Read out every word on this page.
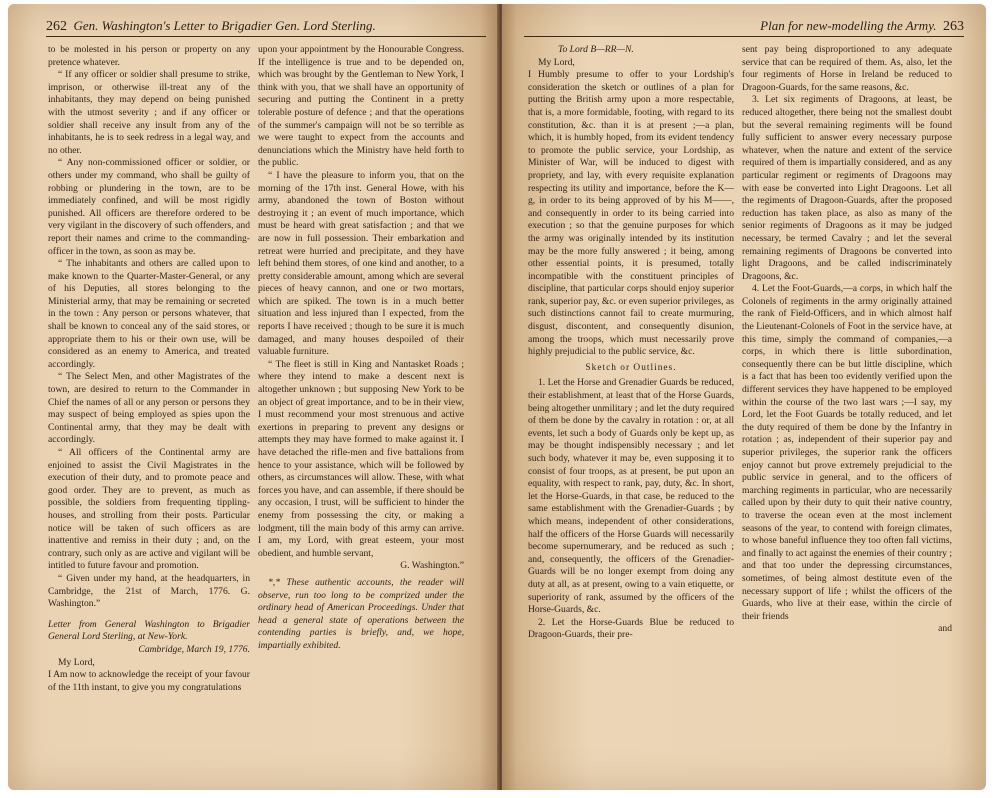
262 Gen. Washington's Letter to Brigadier Gen. Lord Sterling.

to be molested in his person or property on any pretence whatever.

“ If any officer or soldier shall presume to strike, imprison, or otherwise ill-treat any of the inhabitants, they may depend on being punished with the utmost severity ; and if any officer or soldier shall receive any insult from any of the inhabitants, he is to seek redress in a legal way, and no other.

“ Any non-commissioned officer or soldier, or others under my command, who shall be guilty of robbing or plundering in the town, are to be immediately confined, and will be most rigidly punished. All officers are therefore ordered to be very vigilant in the discovery of such offenders, and report their names and crime to the commanding-officer in the town, as soon as may be.

“ The inhabitants and others are called upon to make known to the Quarter-Master-General, or any of his Deputies, all stores belonging to the Ministerial army, that may be remaining or secreted in the town : Any person or persons whatever, that shall be known to conceal any of the said stores, or appropriate them to his or their own use, will be considered as an enemy to America, and treated accordingly.

“ The Select Men, and other Magistrates of the town, are desired to return to the Commander in Chief the names of all or any person or persons they may suspect of being employed as spies upon the Continental army, that they may be dealt with accordingly.

“ All officers of the Continental army are enjoined to assist the Civil Magistrates in the execution of their duty, and to promote peace and good order. They are to prevent, as much as possible, the soldiers from frequenting tippling-houses, and strolling from their posts. Particular notice will be taken of such officers as are inattentive and remiss in their duty ; and, on the contrary, such only as are active and vigilant will be intitled to future favour and promotion.

“ Given under my hand, at the headquarters, in Cambridge, the 21st of March, 1776. G. Washington.”

Letter from General Washington to Brigadier General Lord Sterling, at New-York.

Cambridge, March 19, 1776.

My Lord,

I Am now to acknowledge the receipt of your favour of the 11th instant, to give you my congratulations

upon your appointment by the Honourable Congress. If the intelligence is true and to be depended on, which was brought by the Gentleman to New York, I think with you, that we shall have an opportunity of securing and putting the Continent in a pretty tolerable posture of defence ; and that the operations of the summer's campaign will not be so terrible as we were taught to expect from the accounts and denunciations which the Ministry have held forth to the public.

“ I have the pleasure to inform you, that on the morning of the 17th inst. General Howe, with his army, abandoned the town of Boston without destroying it ; an event of much importance, which must be heard with great satisfaction ; and that we are now in full possession. Their embarkation and retreat were hurried and precipitate, and they have left behind them stores, of one kind and another, to a pretty considerable amount, among which are several pieces of heavy cannon, and one or two mortars, which are spiked. The town is in a much better situation and less injured than I expected, from the reports I have received ; though to be sure it is much damaged, and many houses despoiled of their valuable furniture.

“ The fleet is still in King and Nantasket Roads ; where they intend to make a descent next is altogether unknown ; but supposing New York to be an object of great importance, and to be in their view, I must recommend your most strenuous and active exertions in preparing to prevent any designs or attempts they may have formed to make against it. I have detached the rifle-men and five battalions from hence to your assistance, which will be followed by others, as circumstances will allow. These, with what forces you have, and can assemble, if there should be any occasion, I trust, will be sufficient to hinder the enemy from possessing the city, or making a lodgment, till the main body of this army can arrive. I am, my Lord, with great esteem, your most obedient, and humble servant,

G. Washington.”

*,* These authentic accounts, the reader will observe, run too long to be comprized under the ordinary head of American Proceedings. Under that head a general state of operations between the contending parties is briefly, and, we hope, impartially exhibited.

Plan for new-modelling the Army. 263

To Lord B—RR—N.

My Lord,

I Humbly presume to offer to your Lordship's consideration the sketch or outlines of a plan for putting the British army upon a more respectable, that is, a more formidable, footing, with regard to its constitution, &c. than it is at present ;—a plan, which, it is humbly hoped, from its evident tendency to promote the public service, your Lordship, as Minister of War, will be induced to digest with propriety, and lay, with every requisite explanation respecting its utility and importance, before the K—g, in order to its being approved of by his M——, and consequently in order to its being carried into execution ; so that the genuine purposes for which the army was originally intended by its institution may be the more fully answered ; it being, among other essential points, it is presumed, totally incompatible with the constituent principles of discipline, that particular corps should enjoy superior rank, superior pay, &c. or even superior privileges, as such distinctions cannot fail to create murmuring, disgust, discontent, and consequently disunion, among the troops, which must necessarily prove highly prejudicial to the public service, &c.

Sketch or Outlines.

1. Let the Horse and Grenadier Guards be reduced, their establishment, at least that of the Horse Guards, being altogether unmilitary ; and let the duty required of them be done by the cavalry in rotation : or, at all events, let such a body of Guards only be kept up, as may be thought indispensibly necessary ; and let such body, whatever it may be, even supposing it to consist of four troops, as at present, be put upon an equality, with respect to rank, pay, duty, &c. In short, let the Horse-Guards, in that case, be reduced to the same establishment with the Grenadier-Guards ; by which means, independent of other considerations, half the officers of the Horse Guards will necessarily become supernumerary, and be reduced as such ; and, consequently, the officers of the Grenadier-Guards will be no longer exempt from doing any duty at all, as at present, owing to a vain etiquette, or superiority of rank, assumed by the officers of the Horse-Guards, &c.

2. Let the Horse-Guards Blue be reduced to Dragoon-Guards, their pre-

sent pay being disproportioned to any adequate service that can be required of them. As, also, let the four regiments of Horse in Ireland be reduced to Dragoon-Guards, for the same reasons, &c.

3. Let six regiments of Dragoons, at least, be reduced altogether, there being not the smallest doubt but the several remaining regiments will be found fully sufficient to answer every necessary purpose whatever, when the nature and extent of the service required of them is impartially considered, and as any particular regiment or regiments of Dragoons may with ease be converted into Light Dragoons. Let all the regiments of Dragoon-Guards, after the proposed reduction has taken place, as also as many of the senior regiments of Dragoons as it may be judged necessary, be termed Cavalry ; and let the several remaining regiments of Dragoons be converted into light Dragoons, and be called indiscriminately Dragoons, &c.

4. Let the Foot-Guards,—a corps, in which half the Colonels of regiments in the army originally attained the rank of Field-Officers, and in which almost half the Lieutenant-Colonels of Foot in the service have, at this time, simply the command of companies,—a corps, in which there is little subordination, consequently there can be but little discipline, which is a fact that has been too evidently verified upon the different services they have happened to be employed within the course of the two last wars ;—I say, my Lord, let the Foot Guards be totally reduced, and let the duty required of them be done by the Infantry in rotation ; as, independent of their superior pay and superior privileges, the superior rank the officers enjoy cannot but prove extremely prejudicial to the public service in general, and to the officers of marching regiments in particular, who are necessarily called upon by their duty to quit their native country, to traverse the ocean even at the most inclement seasons of the year, to contend with foreign climates, to whose baneful influence they too often fall victims, and finally to act against the enemies of their country ; and that too under the depressing circumstances, sometimes, of being almost destitute even of the necessary support of life ; whilst the officers of the Guards, who live at their ease, within the circle of their friends

and
